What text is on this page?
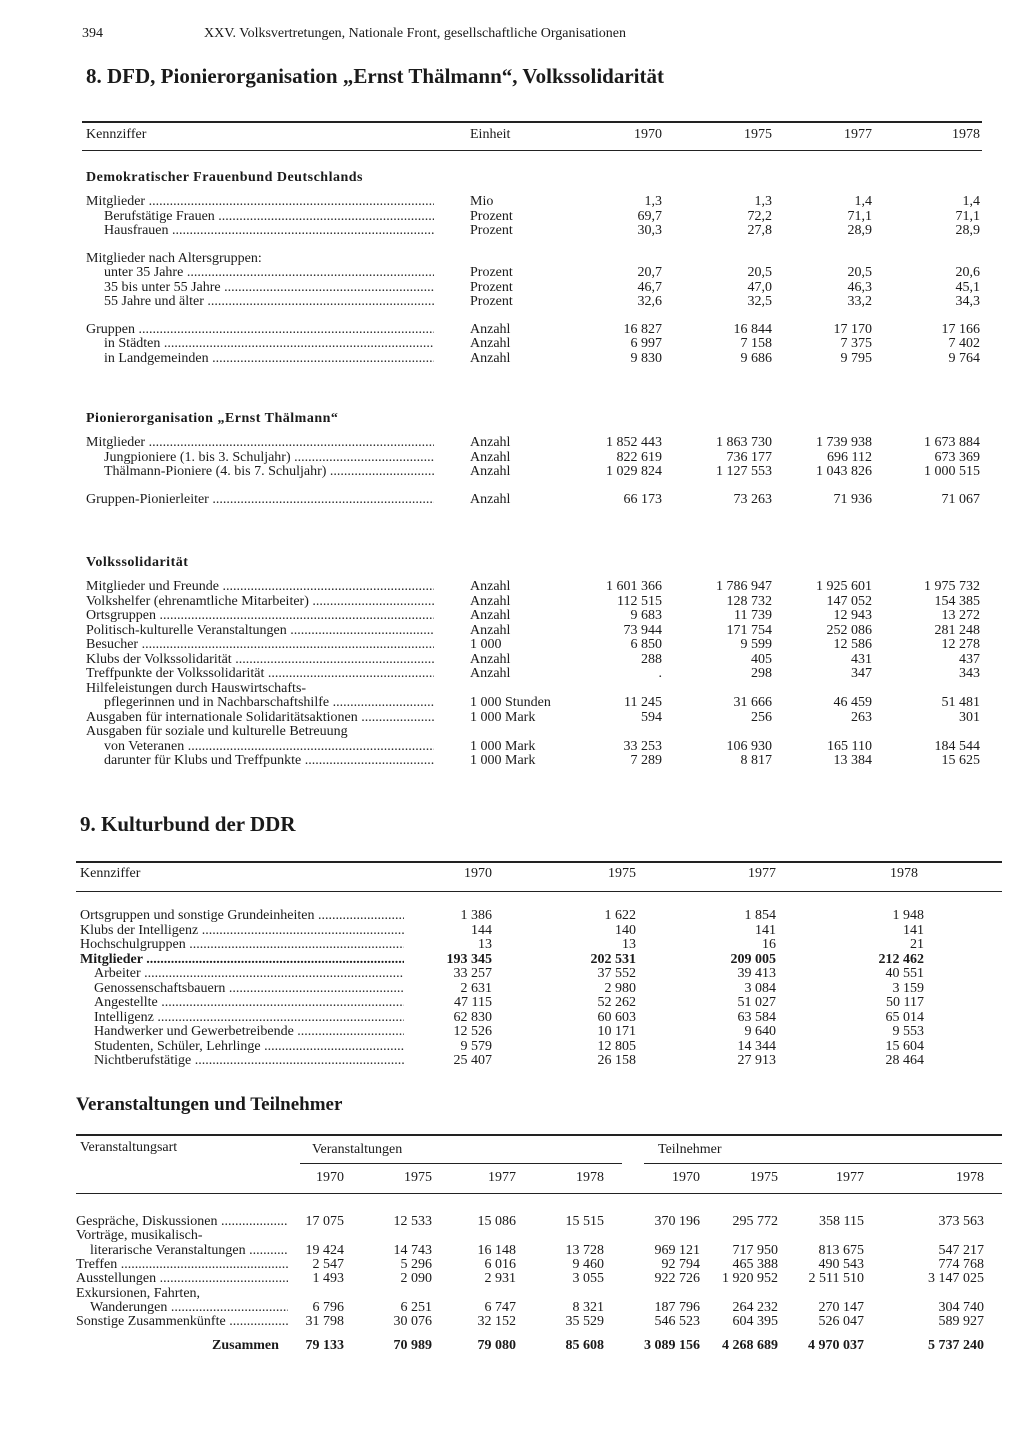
394	XXV. Volksvertretungen, Nationale Front, gesellschaftliche Organisationen
8. DFD, Pionierorganisation „Ernst Thälmann“, Volkssolidarität
Kennziffer	Einheit	1970	1975	1977	1978
Demokratischer Frauenbund Deutschlands
Mitglieder .....	Mio	1,3	1,3	1,4	1,4
Berufstätige Frauen .....	Prozent	69,7	72,2	71,1	71,1
Hausfrauen .....	Prozent	30,3	27,8	28,9	28,9
Mitglieder nach Altersgruppen:
unter 35 Jahre .....	Prozent	20,7	20,5	20,5	20,6
35 bis unter 55 Jahre .....	Prozent	46,7	47,0	46,3	45,1
55 Jahre und älter .....	Prozent	32,6	32,5	33,2	34,3
Gruppen .....	Anzahl	16 827	16 844	17 170	17 166
in Städten .....	Anzahl	6 997	7 158	7 375	7 402
in Landgemeinden .....	Anzahl	9 830	9 686	9 795	9 764
Pionierorganisation „Ernst Thälmann“
Mitglieder .....	Anzahl	1 852 443	1 863 730	1 739 938	1 673 884
Jungpioniere (1. bis 3. Schuljahr) .....	Anzahl	822 619	736 177	696 112	673 369
Thälmann-Pioniere (4. bis 7. Schuljahr) .....	Anzahl	1 029 824	1 127 553	1 043 826	1 000 515
Gruppen-Pionierleiter .....	Anzahl	66 173	73 263	71 936	71 067
Volkssolidarität
Mitglieder und Freunde .....	Anzahl	1 601 366	1 786 947	1 925 601	1 975 732
Volkshelfer (ehrenamtliche Mitarbeiter) .....	Anzahl	112 515	128 732	147 052	154 385
Ortsgruppen .....	Anzahl	9 683	11 739	12 943	13 272
Politisch-kulturelle Veranstaltungen .....	Anzahl	73 944	171 754	252 086	281 248
Besucher .....	1 000	6 850	9 599	12 586	12 278
Klubs der Volkssolidarität .....	Anzahl	288	405	431	437
Treffpunkte der Volkssolidarität .....	Anzahl	.	298	347	343
Hilfeleistungen durch Hauswirtschafts-
pflegerinnen und in Nachbarschaftshilfe .....	1 000 Stunden	11 245	31 666	46 459	51 481
Ausgaben für internationale Solidaritätsaktionen .....	1 000 Mark	594	256	263	301
Ausgaben für soziale und kulturelle Betreuung
von Veteranen .....	1 000 Mark	33 253	106 930	165 110	184 544
darunter für Klubs und Treffpunkte .....	1 000 Mark	7 289	8 817	13 384	15 625
9. Kulturbund der DDR
Kennziffer	1970	1975	1977	1978
Ortsgruppen und sonstige Grundeinheiten .....	1 386	1 622	1 854	1 948
Klubs der Intelligenz .....	144	140	141	141
Hochschulgruppen .....	13	13	16	21
Mitglieder .....	193 345	202 531	209 005	212 462
Arbeiter .....	33 257	37 552	39 413	40 551
Genossenschaftsbauern .....	2 631	2 980	3 084	3 159
Angestellte .....	47 115	52 262	51 027	50 117
Intelligenz .....	62 830	60 603	63 584	65 014
Handwerker und Gewerbetreibende .....	12 526	10 171	9 640	9 553
Studenten, Schüler, Lehrlinge .....	9 579	12 805	14 344	15 604
Nichtberufstätige .....	25 407	26 158	27 913	28 464
Veranstaltungen und Teilnehmer
Veranstaltungsart	Veranstaltungen	Teilnehmer
1970	1975	1977	1978	1970	1975	1977	1978
Gespräche, Diskussionen .....	17 075	12 533	15 086	15 515	370 196	295 772	358 115	373 563
Vorträge, musikalisch-
literarische Veranstaltungen .....	19 424	14 743	16 148	13 728	969 121	717 950	813 675	547 217
Treffen .....	2 547	5 296	6 016	9 460	92 794	465 388	490 543	774 768
Ausstellungen .....	1 493	2 090	2 931	3 055	922 726	1 920 952	2 511 510	3 147 025
Exkursionen, Fahrten,
Wanderungen .....	6 796	6 251	6 747	8 321	187 796	264 232	270 147	304 740
Sonstige Zusammenkünfte .....	31 798	30 076	32 152	35 529	546 523	604 395	526 047	589 927
Zusammen	79 133	70 989	79 080	85 608	3 089 156	4 268 689	4 970 037	5 737 240
